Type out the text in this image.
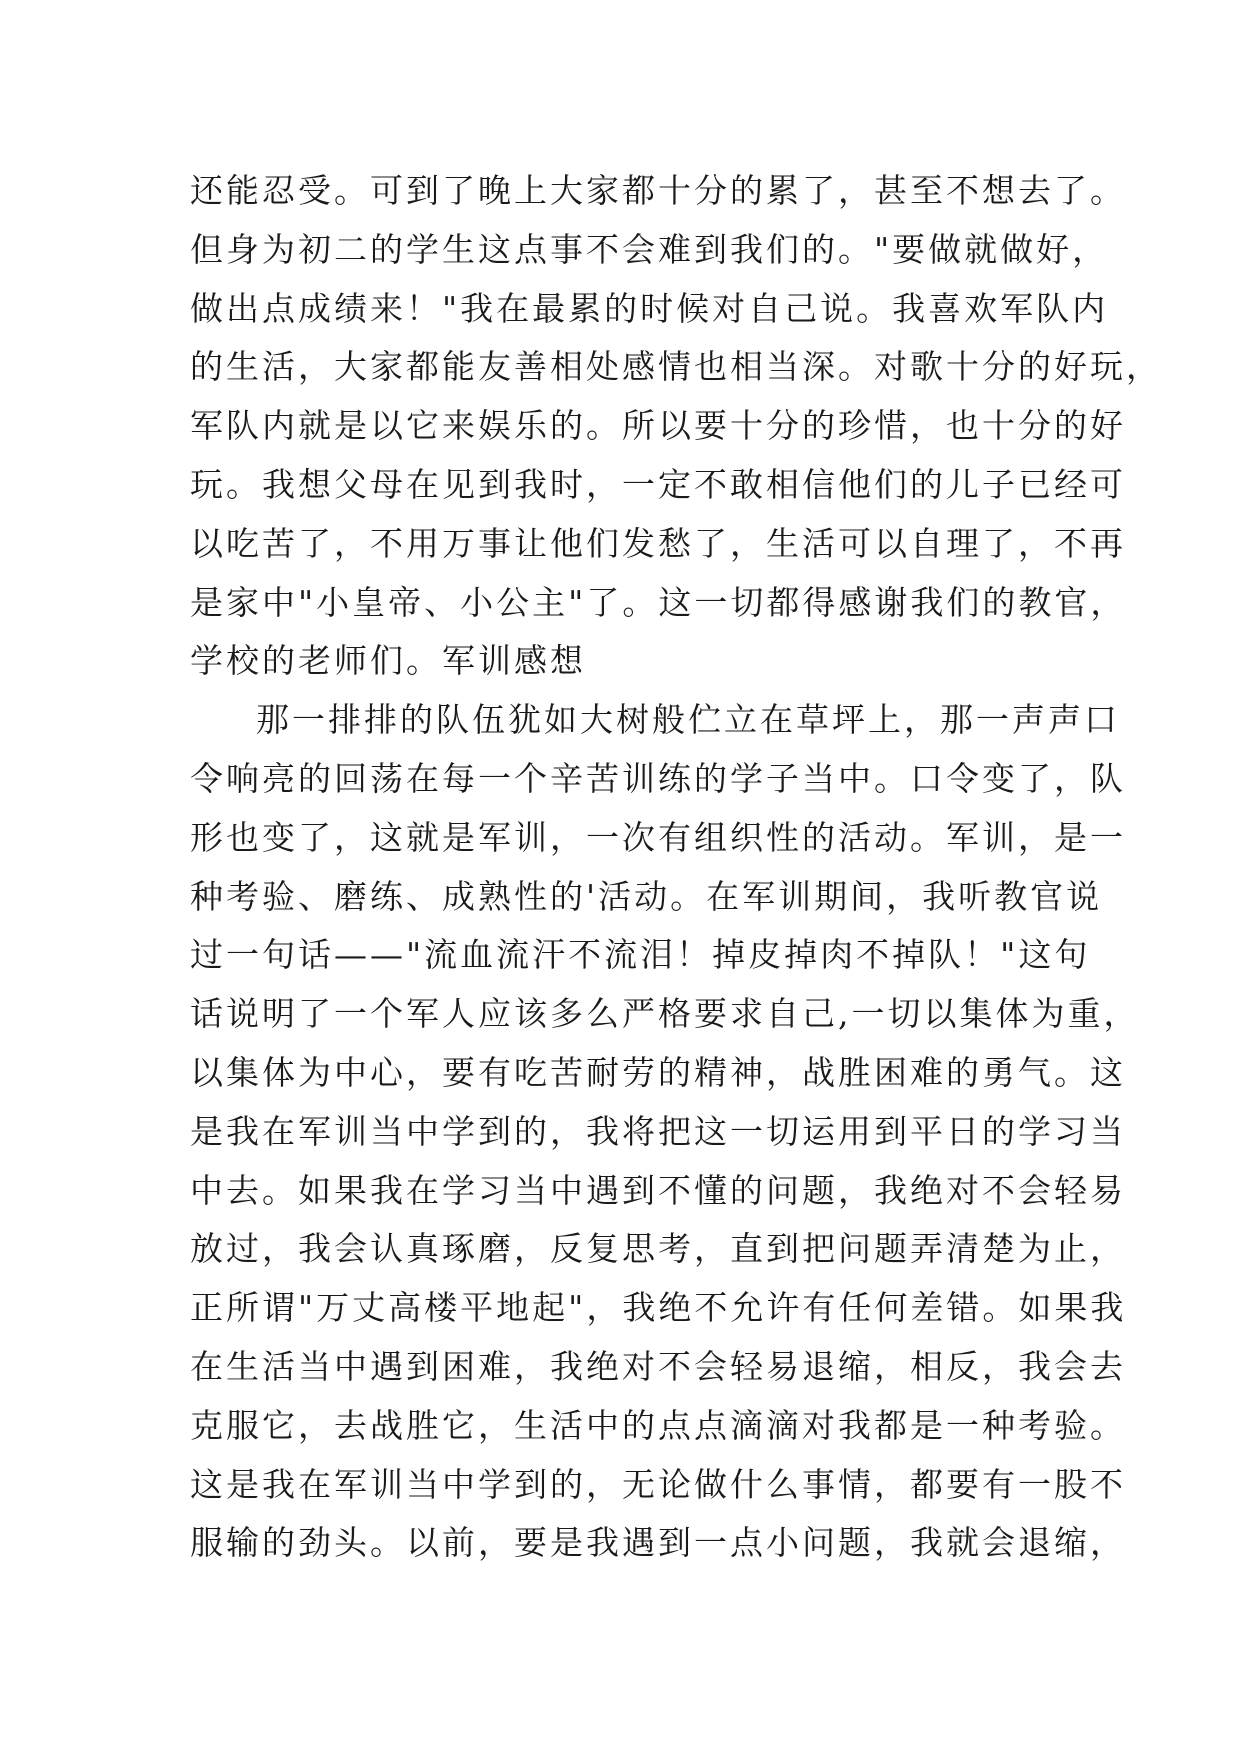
还能忍受。可到了晚上大家都十分的累了，甚至不想去了。
但身为初二的学生这点事不会难到我们的。"要做就做好，
做出点成绩来！"我在最累的时候对自己说。我喜欢军队内
的生活，大家都能友善相处感情也相当深。对歌十分的好玩，
军队内就是以它来娱乐的。所以要十分的珍惜，也十分的好
玩。我想父母在见到我时，一定不敢相信他们的儿子已经可
以吃苦了，不用万事让他们发愁了，生活可以自理了，不再
是家中"小皇帝、小公主"了。这一切都得感谢我们的教官，
学校的老师们。军训感想
那一排排的队伍犹如大树般伫立在草坪上，那一声声口
令响亮的回荡在每一个辛苦训练的学子当中。口令变了，队
形也变了，这就是军训，一次有组织性的活动。军训，是一
种考验、磨练、成熟性的'活动。在军训期间，我听教官说
过一句话——"流血流汗不流泪！掉皮掉肉不掉队！"这句
话说明了一个军人应该多么严格要求自己,一切以集体为重，
以集体为中心，要有吃苦耐劳的精神，战胜困难的勇气。这
是我在军训当中学到的，我将把这一切运用到平日的学习当
中去。如果我在学习当中遇到不懂的问题，我绝对不会轻易
放过，我会认真琢磨，反复思考，直到把问题弄清楚为止，
正所谓"万丈高楼平地起"，我绝不允许有任何差错。如果我
在生活当中遇到困难，我绝对不会轻易退缩，相反，我会去
克服它，去战胜它，生活中的点点滴滴对我都是一种考验。
这是我在军训当中学到的，无论做什么事情，都要有一股不
服输的劲头。以前，要是我遇到一点小问题，我就会退缩，
